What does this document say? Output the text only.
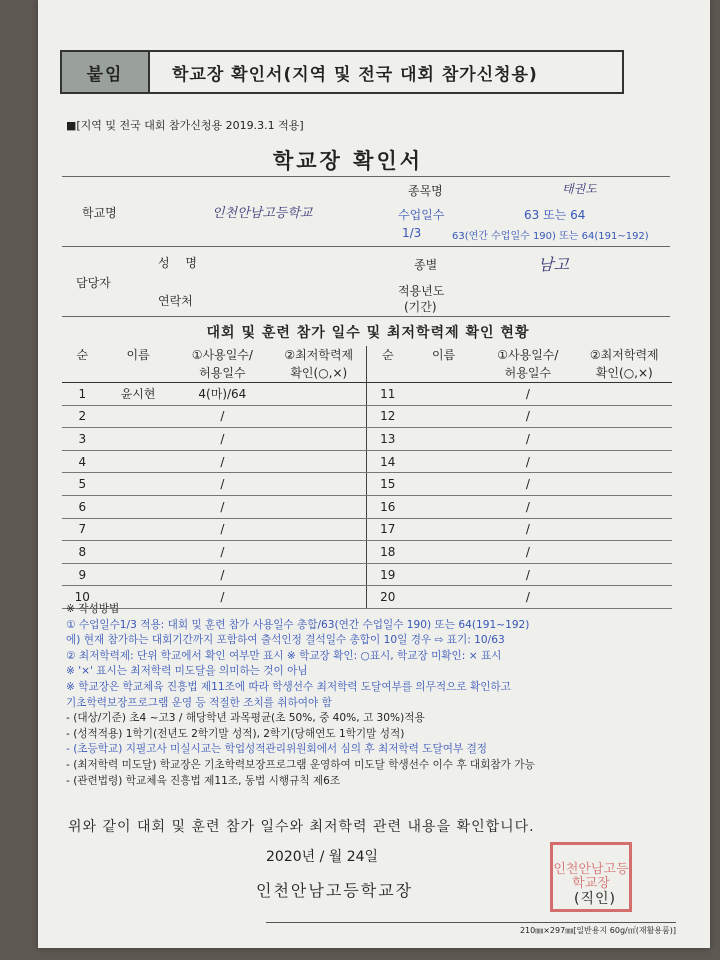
붙임	학교장 확인서(지역 및 전국 대회 참가신청용)
■[지역 및 전국 대회 참가신청용 2019.3.1 적용]
학교장 확인서
학교명	인천안남고등학교
종목명	태권도
수업일수	63 또는 64
1/3	63(연간 수업일수 190) 또는 64(191~192)
담당자
성 명
연락처
종별	남고
적용년도
(기간)
대회 및 훈련 참가 일수 및 최저학력제 확인 현황
순	이름	①사용일수/	②최저학력제	순	이름	①사용일수/	②최저학력제
		허용일수	확인(○,×)			허용일수	확인(○,×)
1	윤시현	4(마)/64		11		/	
2		/		12		/	
3		/		13		/	
4		/		14		/	
5		/		15		/	
6		/		16		/	
7		/		17		/	
8		/		18		/	
9		/		19		/	
10		/		20		/	
※ 작성방법
① 수업일수1/3 적용: 대회 및 훈련 참가 사용일수 총합/63(연간 수업일수 190) 또는 64(191~192)
에) 현재 참가하는 대회기간까지 포함하여 출석인정 결석일수 총합이 10일 경우 ⇨ 표기: 10/63
② 최저학력제: 단위 학교에서 확인 여부만 표시 ※ 학교장 확인: ○표시, 학교장 미확인: × 표시
※ '×' 표시는 최저학력 미도달을 의미하는 것이 아님
※ 학교장은 학교체육 진흥법 제11조에 따라 학생선수 최저학력 도달여부를 의무적으로 확인하고
기초학력보장프로그램 운영 등 적절한 조치를 취하여야 함
- (대상/기준) 초4 ~고3 / 해당학년 과목평균(초 50%, 중 40%, 고 30%)적용
- (성적적용) 1학기(전년도 2학기말 성적), 2학기(당해연도 1학기말 성적)
- (초등학교) 지필고사 미실시교는 학업성적관리위원회에서 심의 후 최저학력 도달여부 결정
- (최저학력 미도달) 학교장은 기초학력보장프로그램 운영하여 미도달 학생선수 이수 후 대회참가 가능
- (관련법령) 학교체육 진흥법 제11조, 동법 시행규칙 제6조
위와 같이 대회 및 훈련 참가 일수와 최저학력 관련 내용을 확인합니다.
2020년 / 월 24일
인천안남고등학교장
인천안남고등학교장
(직인)
210㎜×297㎜[일반용지 60g/㎡(재활용품)]
